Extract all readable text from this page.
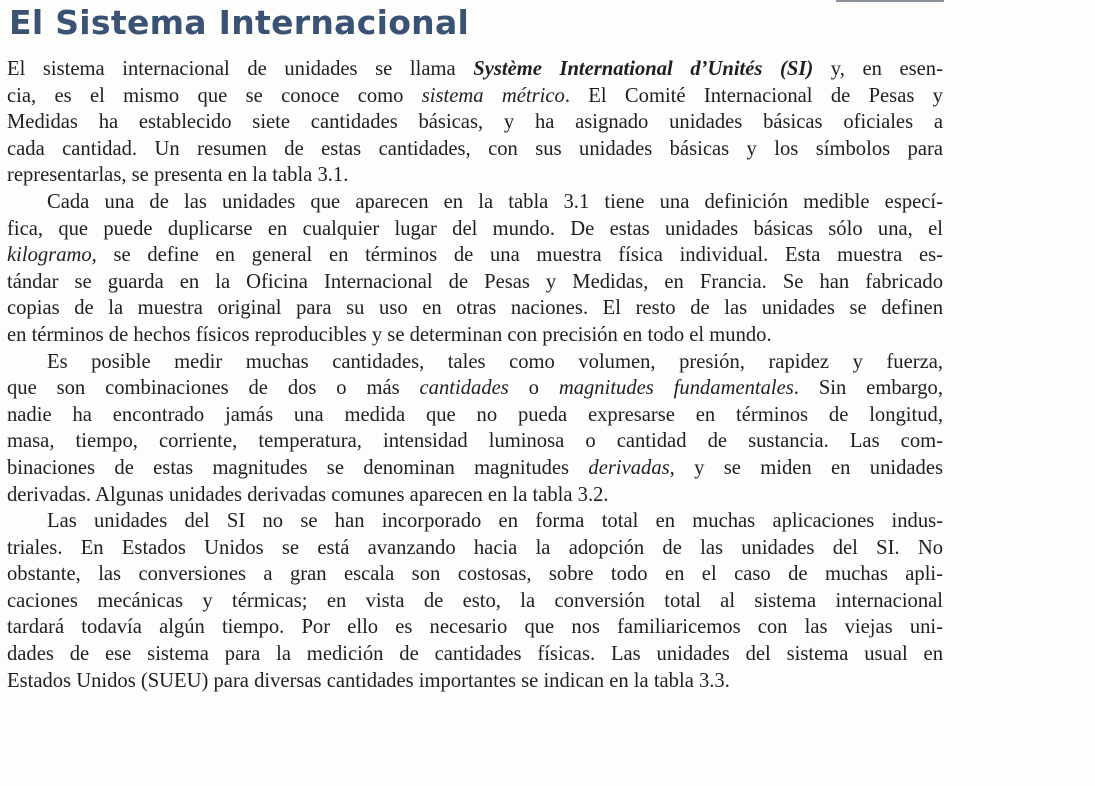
El Sistema Internacional
El sistema internacional de unidades se llama Système International d’Unités (SI) y, en esen-
cia, es el mismo que se conoce como sistema métrico. El Comité Internacional de Pesas y
Medidas ha establecido siete cantidades básicas, y ha asignado unidades básicas oficiales a
cada cantidad. Un resumen de estas cantidades, con sus unidades básicas y los símbolos para
representarlas, se presenta en la tabla 3.1.
Cada una de las unidades que aparecen en la tabla 3.1 tiene una definición medible especí-
fica, que puede duplicarse en cualquier lugar del mundo. De estas unidades básicas sólo una, el
kilogramo, se define en general en términos de una muestra física individual. Esta muestra es-
tándar se guarda en la Oficina Internacional de Pesas y Medidas, en Francia. Se han fabricado
copias de la muestra original para su uso en otras naciones. El resto de las unidades se definen
en términos de hechos físicos reproducibles y se determinan con precisión en todo el mundo.
Es posible medir muchas cantidades, tales como volumen, presión, rapidez y fuerza,
que son combinaciones de dos o más cantidades o magnitudes fundamentales. Sin embargo,
nadie ha encontrado jamás una medida que no pueda expresarse en términos de longitud,
masa, tiempo, corriente, temperatura, intensidad luminosa o cantidad de sustancia. Las com-
binaciones de estas magnitudes se denominan magnitudes derivadas, y se miden en unidades
derivadas. Algunas unidades derivadas comunes aparecen en la tabla 3.2.
Las unidades del SI no se han incorporado en forma total en muchas aplicaciones indus-
triales. En Estados Unidos se está avanzando hacia la adopción de las unidades del SI. No
obstante, las conversiones a gran escala son costosas, sobre todo en el caso de muchas apli-
caciones mecánicas y térmicas; en vista de esto, la conversión total al sistema internacional
tardará todavía algún tiempo. Por ello es necesario que nos familiaricemos con las viejas uni-
dades de ese sistema para la medición de cantidades físicas. Las unidades del sistema usual en
Estados Unidos (SUEU) para diversas cantidades importantes se indican en la tabla 3.3.
